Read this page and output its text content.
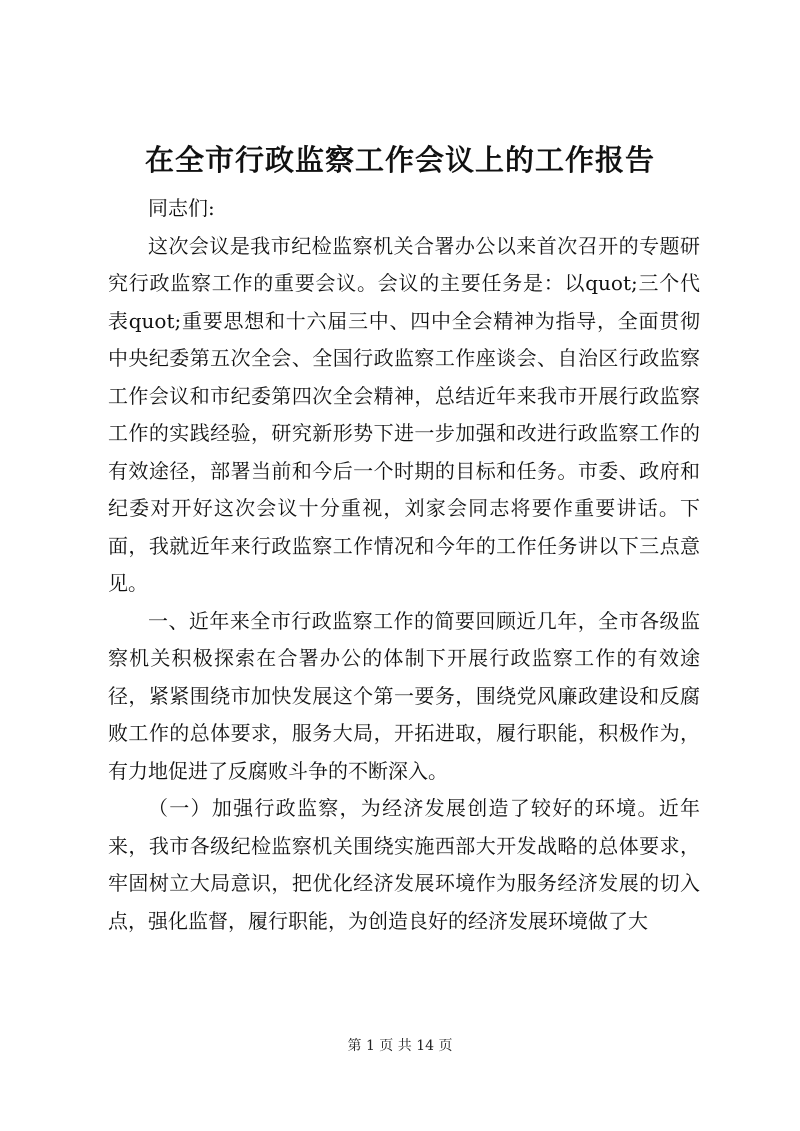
在全市行政监察工作会议上的工作报告

同志们:

这次会议是我市纪检监察机关合署办公以来首次召开的专题研究行政监察工作的重要会议。会议的主要任务是：以quot;三个代表quot;重要思想和十六届三中、四中全会精神为指导，全面贯彻中央纪委第五次全会、全国行政监察工作座谈会、自治区行政监察工作会议和市纪委第四次全会精神，总结近年来我市开展行政监察工作的实践经验，研究新形势下进一步加强和改进行政监察工作的有效途径，部署当前和今后一个时期的目标和任务。市委、政府和纪委对开好这次会议十分重视，刘家会同志将要作重要讲话。下面，我就近年来行政监察工作情况和今年的工作任务讲以下三点意见。

一、近年来全市行政监察工作的简要回顾近几年，全市各级监察机关积极探索在合署办公的体制下开展行政监察工作的有效途径，紧紧围绕市加快发展这个第一要务，围绕党风廉政建设和反腐败工作的总体要求，服务大局，开拓进取，履行职能，积极作为，有力地促进了反腐败斗争的不断深入。

（一）加强行政监察，为经济发展创造了较好的环境。近年来，我市各级纪检监察机关围绕实施西部大开发战略的总体要求，牢固树立大局意识，把优化经济发展环境作为服务经济发展的切入点，强化监督，履行职能，为创造良好的经济发展环境做了大

第 1 页 共 14 页
